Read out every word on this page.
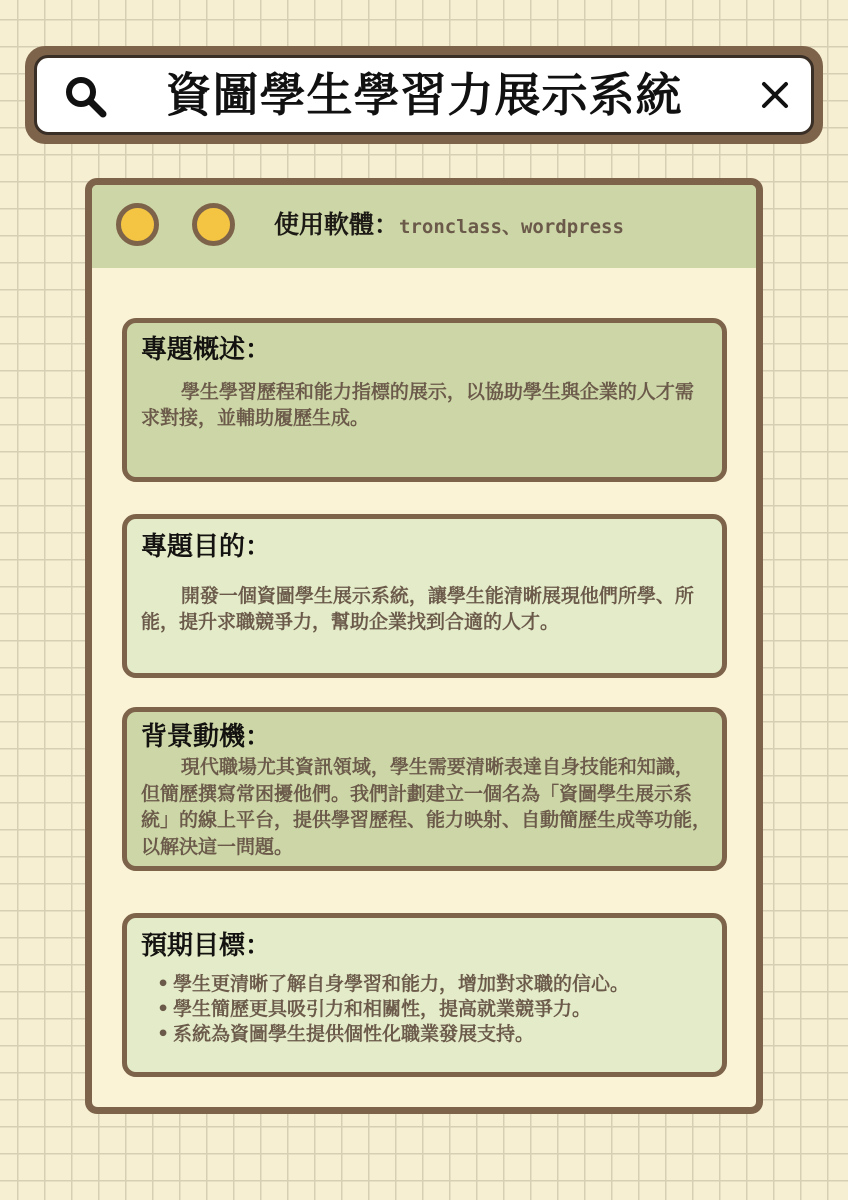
資圖學生學習力展示系統
使用軟體：tronclass、wordpress

專題概述：

學生學習歷程和能力指標的展示，以協助學生與企業的人才需求對接，並輔助履歷生成。

專題目的：

開發一個資圖學生展示系統，讓學生能清晰展現他們所學、所能，提升求職競爭力，幫助企業找到合適的人才。

背景動機：

現代職場尤其資訊領域，學生需要清晰表達自身技能和知識，但簡歷撰寫常困擾他們。我們計劃建立一個名為「資圖學生展示系統」的線上平台，提供學習歷程、能力映射、自動簡歷生成等功能，以解決這一問題。

預期目標：

• 學生更清晰了解自身學習和能力，增加對求職的信心。
• 學生簡歷更具吸引力和相關性，提高就業競爭力。
• 系統為資圖學生提供個性化職業發展支持。
